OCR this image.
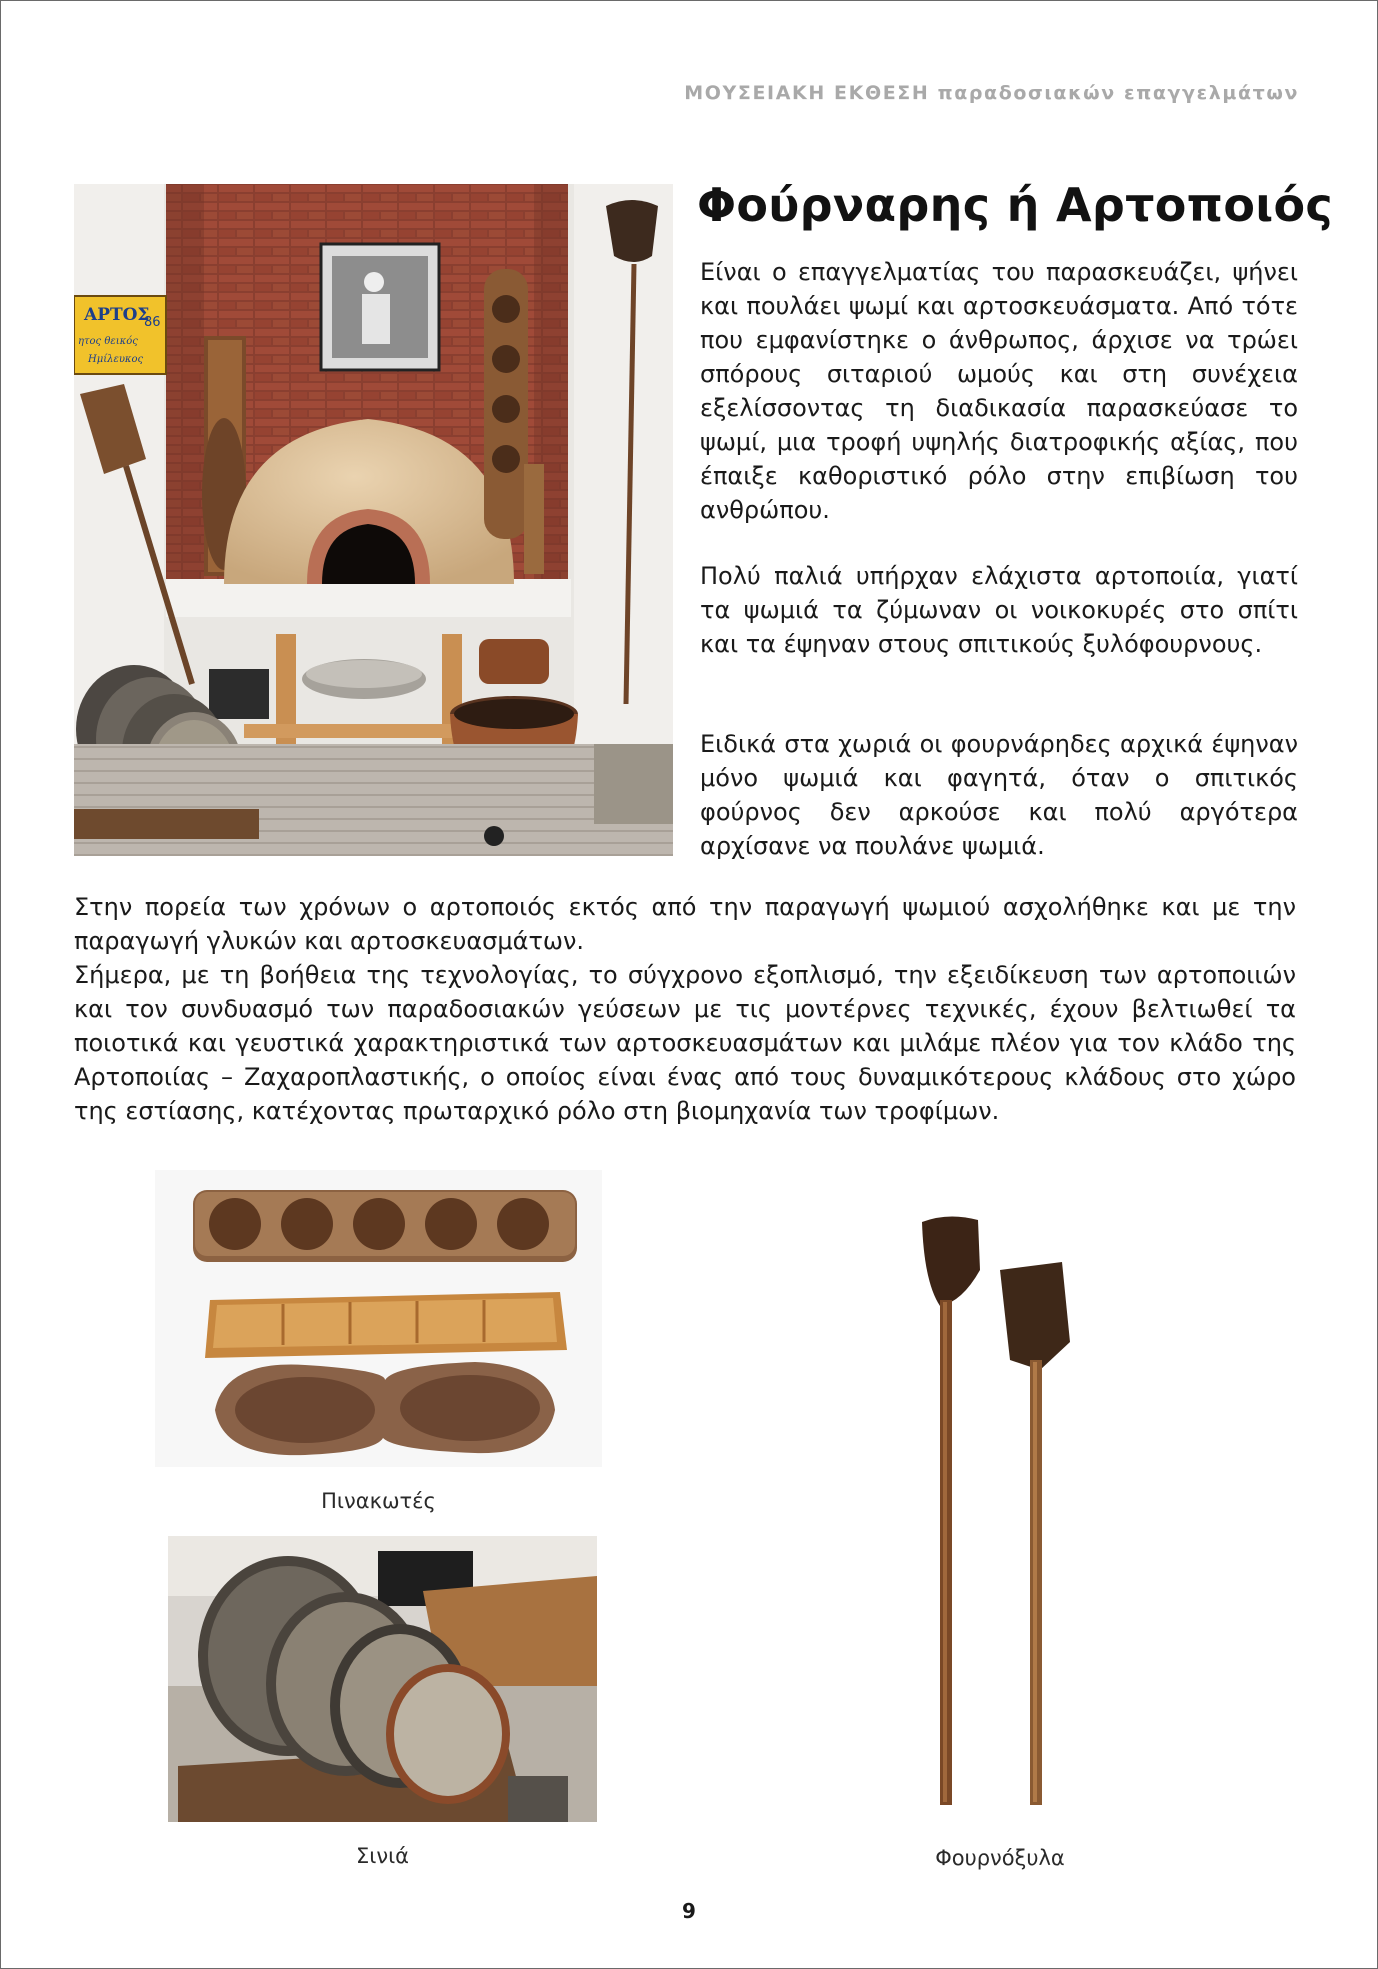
ΜΟΥΣΕΙΑΚΗ ΕΚΘΕΣΗ παραδοσιακών επαγγελμάτων
ΑΡΤΟΣ
86
ητος θεικός
Ημίλευκος
Φούρναρης ή Αρτοποιός

Είναι ο επαγγελματίας του παρασκευάζει, ψήνει και πουλάει ψωμί και αρτοσκευάσματα. Από τότε που εμφανίστηκε ο άνθρωπος, άρχισε να τρώει σπόρους σιταριού ωμούς και στη συνέχεια εξελίσσοντας τη διαδικασία παρασκεύασε το ψωμί, μια τροφή υψηλής διατροφικής αξίας, που έπαιξε καθοριστικό ρόλο στην επιβίωση του ανθρώπου.

Πολύ παλιά υπήρχαν ελάχιστα αρτοποιία, γιατί τα ψωμιά τα ζύμωναν οι νοικοκυρές στο σπίτι και τα έψηναν στους σπιτικούς ξυλόφουρνους.

Ειδικά στα χωριά οι φουρνάρηδες αρχικά έψηναν μόνο ψωμιά και φαγητά, όταν ο σπιτικός φούρνος δεν αρκούσε και πολύ αργότερα αρχίσανε να πουλάνε ψωμιά.

Στην πορεία των χρόνων ο αρτοποιός εκτός από την παραγωγή ψωμιού ασχολήθηκε και με την παραγωγή γλυκών και αρτοσκευασμάτων.

Σήμερα, με τη βοήθεια της τεχνολογίας, το σύγχρονο εξοπλισμό, την εξειδίκευση των αρτοποιιών και τον συνδυασμό των παραδοσιακών γεύσεων με τις μοντέρνες τεχνικές, έχουν βελτιωθεί τα ποιοτικά και γευστικά χαρακτηριστικά των αρτοσκευασμάτων και μιλάμε πλέον για τον κλάδο της Αρτοποιίας – Ζαχαροπλαστικής, ο οποίος είναι ένας από τους δυναμικότερους κλάδους στο χώρο της εστίασης, κατέχοντας πρωταρχικό ρόλο στη βιομηχανία των τροφίμων.

Πινακωτές
Σινιά	Φουρνόξυλα
9
